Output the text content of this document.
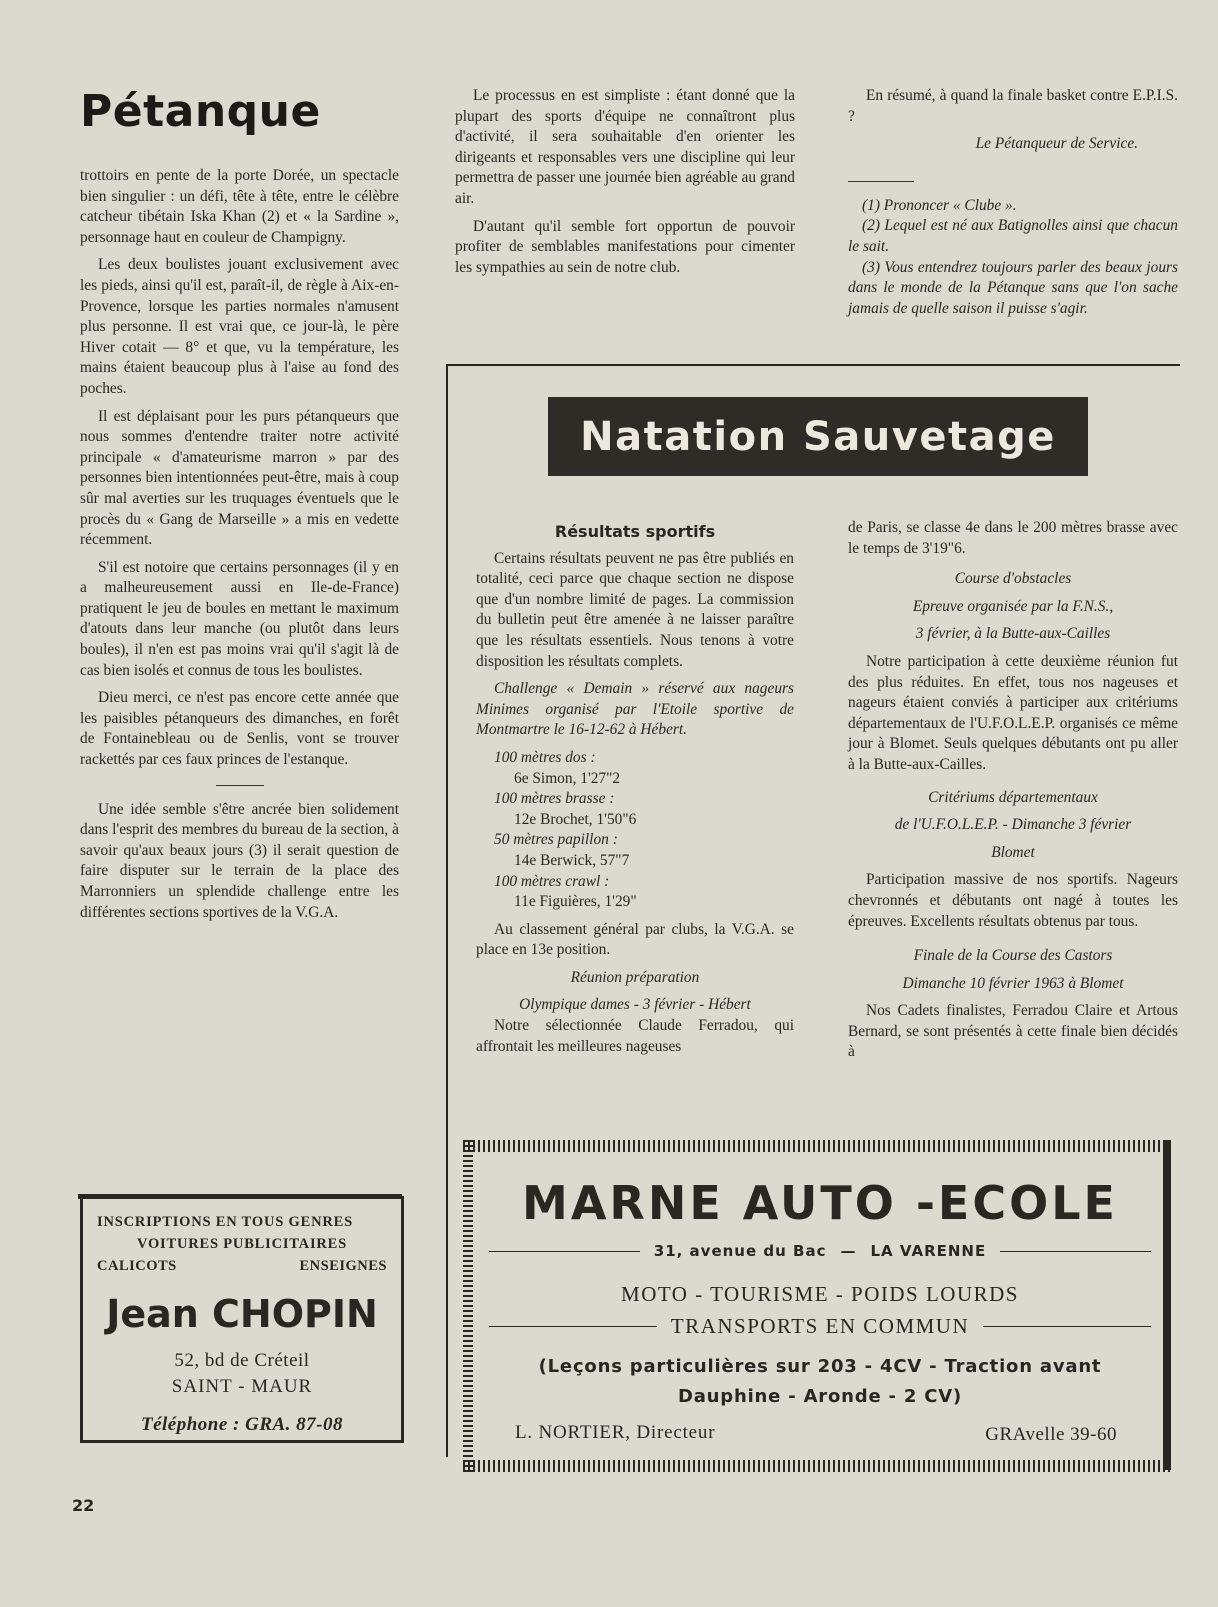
Pétanque

trottoirs en pente de la porte Dorée, un spectacle bien singulier : un défi, tête à tête, entre le célèbre catcheur tibétain Iska Khan (2) et « la Sardine », personnage haut en couleur de Champigny.

Les deux boulistes jouant exclusivement avec les pieds, ainsi qu'il est, paraît-il, de règle à Aix-en-Provence, lorsque les parties normales n'amusent plus personne. Il est vrai que, ce jour-là, le père Hiver cotait — 8° et que, vu la température, les mains étaient beaucoup plus à l'aise au fond des poches.

Il est déplaisant pour les purs pétanqueurs que nous sommes d'entendre traiter notre activité principale « d'amateurisme marron » par des personnes bien intentionnées peut-être, mais à coup sûr mal averties sur les truquages éventuels que le procès du « Gang de Marseille » a mis en vedette récemment.

S'il est notoire que certains personnages (il y en a malheureusement aussi en Ile-de-France) pratiquent le jeu de boules en mettant le maximum d'atouts dans leur manche (ou plutôt dans leurs boules), il n'en est pas moins vrai qu'il s'agit là de cas bien isolés et connus de tous les boulistes.

Dieu merci, ce n'est pas encore cette année que les paisibles pétanqueurs des dimanches, en forêt de Fontainebleau ou de Senlis, vont se trouver rackettés par ces faux princes de l'estanque.

Une idée semble s'être ancrée bien solidement dans l'esprit des membres du bureau de la section, à savoir qu'aux beaux jours (3) il serait question de faire disputer sur le terrain de la place des Marronniers un splendide challenge entre les différentes sections sportives de la V.G.A.

Le processus en est simpliste : étant donné que la plupart des sports d'équipe ne connaîtront plus d'activité, il sera souhaitable d'en orienter les dirigeants et responsables vers une discipline qui leur permettra de passer une journée bien agréable au grand air.

D'autant qu'il semble fort opportun de pouvoir profiter de semblables manifestations pour cimenter les sympathies au sein de notre club.

En résumé, à quand la finale basket contre E.P.I.S. ?

Le Pétanqueur de Service.

(1) Prononcer « Clube ».

(2) Lequel est né aux Batignolles ainsi que chacun le sait.

(3) Vous entendrez toujours parler des beaux jours dans le monde de la Pétanque sans que l'on sache jamais de quelle saison il puisse s'agir.

Natation Sauvetage
Résultats sportifs

Certains résultats peuvent ne pas être publiés en totalité, ceci parce que chaque section ne dispose que d'un nombre limité de pages. La commission du bulletin peut être amenée à ne laisser paraître que les résultats essentiels. Nous tenons à votre disposition les résultats complets.

Challenge « Demain » réservé aux nageurs Minimes organisé par l'Etoile sportive de Montmartre le 16-12-62 à Hébert.

100 mètres dos :
6e Simon, 1'27"2
100 mètres brasse :
12e Brochet, 1'50"6
50 mètres papillon :
14e Berwick, 57"7
100 mètres crawl :
11e Figuières, 1'29"

Au classement général par clubs, la V.G.A. se place en 13e position.

Réunion préparation

Olympique dames - 3 février - Hébert

Notre sélectionnée Claude Ferradou, qui affrontait les meilleures nageuses

de Paris, se classe 4e dans le 200 mètres brasse avec le temps de 3'19"6.

Course d'obstacles

Epreuve organisée par la F.N.S.,

3 février, à la Butte-aux-Cailles

Notre participation à cette deuxième réunion fut des plus réduites. En effet, tous nos nageuses et nageurs étaient conviés à participer aux critériums départementaux de l'U.F.O.L.E.P. organisés ce même jour à Blomet. Seuls quelques débutants ont pu aller à la Butte-aux-Cailles.

Critériums départementaux

de l'U.F.O.L.E.P. - Dimanche 3 février

Blomet

Participation massive de nos sportifs. Nageurs chevronnés et débutants ont nagé à toutes les épreuves. Excellents résultats obtenus par tous.

Finale de la Course des Castors

Dimanche 10 février 1963 à Blomet

Nos Cadets finalistes, Ferradou Claire et Artous Bernard, se sont présentés à cette finale bien décidés à

INSCRIPTIONS EN TOUS GENRES
VOITURES PUBLICITAIRES
CALICOTS	ENSEIGNES
Jean CHOPIN
52, bd de Créteil
SAINT - MAUR
Téléphone : GRA. 87-08
MARNE AUTO -ECOLE
31, avenue du Bac — LA VARENNE
MOTO - TOURISME - POIDS LOURDS
TRANSPORTS EN COMMUN
(Leçons particulières sur 203 - 4CV - Traction avant
Dauphine - Aronde - 2 CV)
L. NORTIER, Directeur	GRAvelle 39-60
22
